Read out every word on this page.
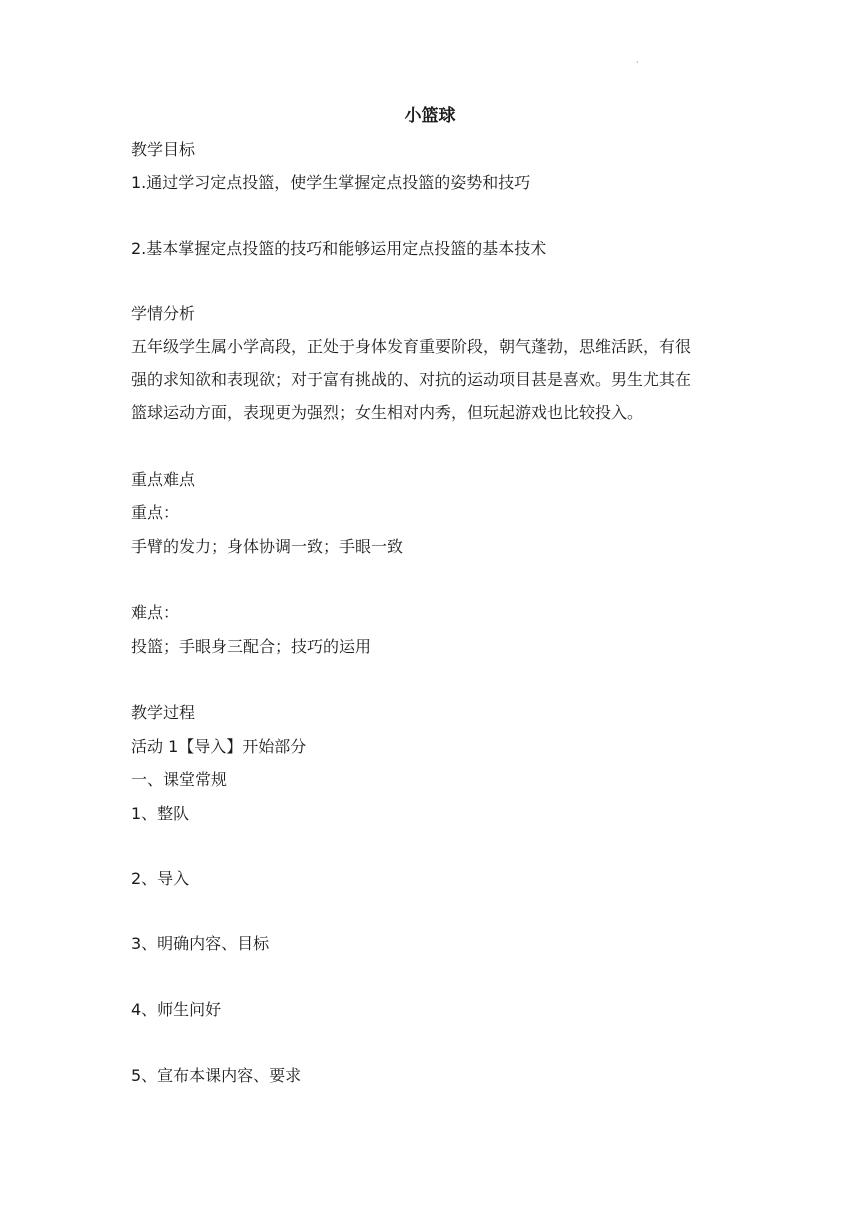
·
小篮球
教学目标
1.通过学习定点投篮，使学生掌握定点投篮的姿势和技巧
2.基本掌握定点投篮的技巧和能够运用定点投篮的基本技术
学情分析
五年级学生属小学高段，正处于身体发育重要阶段，朝气蓬勃，思维活跃，有很
强的求知欲和表现欲；对于富有挑战的、对抗的运动项目甚是喜欢。男生尤其在
篮球运动方面，表现更为强烈；女生相对内秀，但玩起游戏也比较投入。
重点难点
重点：
手臂的发力；身体协调一致；手眼一致
难点：
投篮；手眼身三配合；技巧的运用
教学过程
活动 1【导入】开始部分
一、课堂常规
1、整队
2、导入
3、明确内容、目标
4、师生问好
5、宣布本课内容、要求
